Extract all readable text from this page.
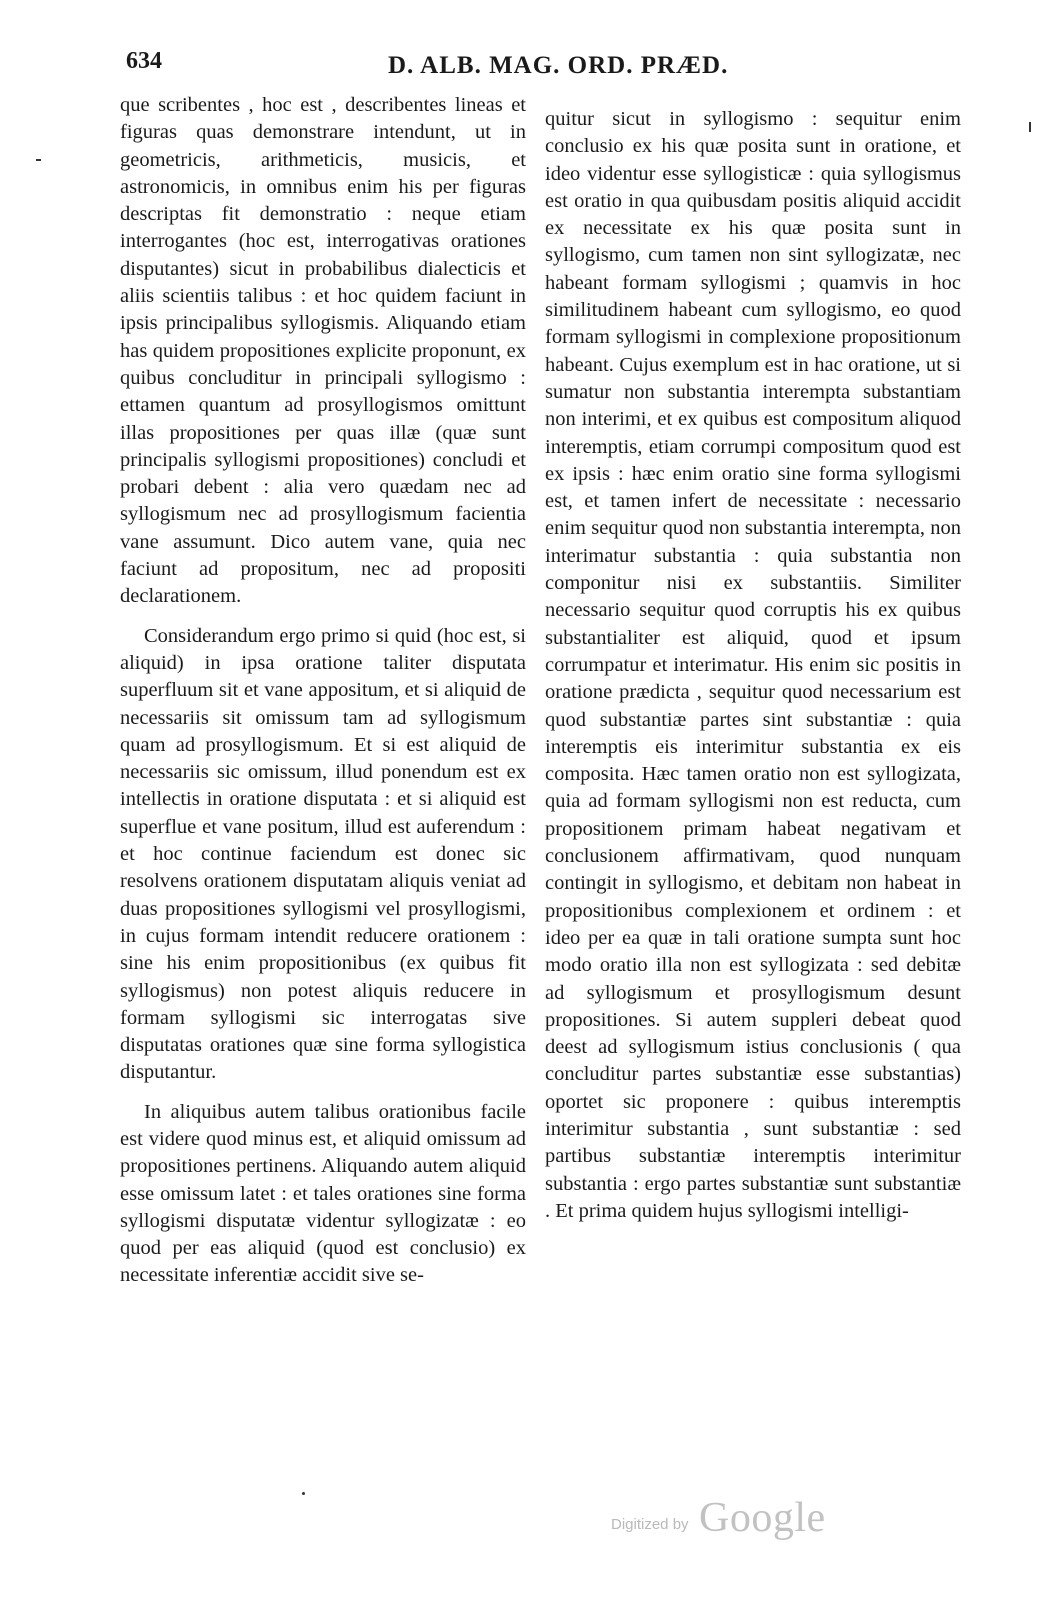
634	D. ALB. MAG. ORD. PRÆD.

que scribentes , hoc est , describentes lineas et figuras quas demonstrare intendunt, ut in geometricis, arithmeticis, musicis, et astronomicis, in omnibus enim his per figuras descriptas fit demonstratio : neque etiam interrogantes (hoc est, interrogativas orationes disputantes) sicut in probabilibus dialecticis et aliis scientiis talibus : et hoc quidem faciunt in ipsis principalibus syllogismis. Aliquando etiam has quidem propositiones explicite proponunt, ex quibus concluditur in principali syllogismo : ettamen quantum ad prosyllogismos omittunt illas propositiones per quas illæ (quæ sunt principalis syllogismi propositiones) concludi et probari debent : alia vero quædam nec ad syllogismum nec ad prosyllogismum facientia vane assumunt. Dico autem vane, quia nec faciunt ad propositum, nec ad propositi declarationem.

Considerandum ergo primo si quid (hoc est, si aliquid) in ipsa oratione taliter disputata superfluum sit et vane appositum, et si aliquid de necessariis sit omissum tam ad syllogismum quam ad prosyllogismum. Et si est aliquid de necessariis sic omissum, illud ponendum est ex intellectis in oratione disputata : et si aliquid est superflue et vane positum, illud est auferendum : et hoc continue faciendum est donec sic resolvens orationem disputatam aliquis veniat ad duas propositiones syllogismi vel prosyllogismi, in cujus formam intendit reducere orationem : sine his enim propositionibus (ex quibus fit syllogismus) non potest aliquis reducere in formam syllogismi sic interrogatas sive disputatas orationes quæ sine forma syllogistica disputantur.

In aliquibus autem talibus orationibus facile est videre quod minus est, et aliquid omissum ad propositiones pertinens. Aliquando autem aliquid esse omissum latet : et tales orationes sine forma syllogismi disputatæ videntur syllogizatæ : eo quod per eas aliquid (quod est conclusio) ex necessitate inferentiæ accidit sive se-

quitur sicut in syllogismo : sequitur enim conclusio ex his quæ posita sunt in oratione, et ideo videntur esse syllogisticæ : quia syllogismus est oratio in qua quibusdam positis aliquid accidit ex necessitate ex his quæ posita sunt in syllogismo, cum tamen non sint syllogizatæ, nec habeant formam syllogismi ; quamvis in hoc similitudinem habeant cum syllogismo, eo quod formam syllogismi in complexione propositionum habeant. Cujus exemplum est in hac oratione, ut si sumatur non substantia interempta substantiam non interimi, et ex quibus est compositum aliquod interemptis, etiam corrumpi compositum quod est ex ipsis : hæc enim oratio sine forma syllogismi est, et tamen infert de necessitate : necessario enim sequitur quod non substantia interempta, non interimatur substantia : quia substantia non componitur nisi ex substantiis. Similiter necessario sequitur quod corruptis his ex quibus substantialiter est aliquid, quod et ipsum corrumpatur et interimatur. His enim sic positis in oratione prædicta , sequitur quod necessarium est quod substantiæ partes sint substantiæ : quia interemptis eis interimitur substantia ex eis composita. Hæc tamen oratio non est syllogizata, quia ad formam syllogismi non est reducta, cum propositionem primam habeat negativam et conclusionem affirmativam, quod nunquam contingit in syllogismo, et debitam non habeat in propositionibus complexionem et ordinem : et ideo per ea quæ in tali oratione sumpta sunt hoc modo oratio illa non est syllogizata : sed debitæ ad syllogismum et prosyllogismum desunt propositiones. Si autem suppleri debeat quod deest ad syllogismum istius conclusionis ( qua concluditur partes substantiæ esse substantias) oportet sic proponere : quibus interemptis interimitur substantia , sunt substantiæ : sed partibus substantiæ interemptis interimitur substantia : ergo partes substantiæ sunt substantiæ . Et prima quidem hujus syllogismi intelligi-

Digitized by Google
